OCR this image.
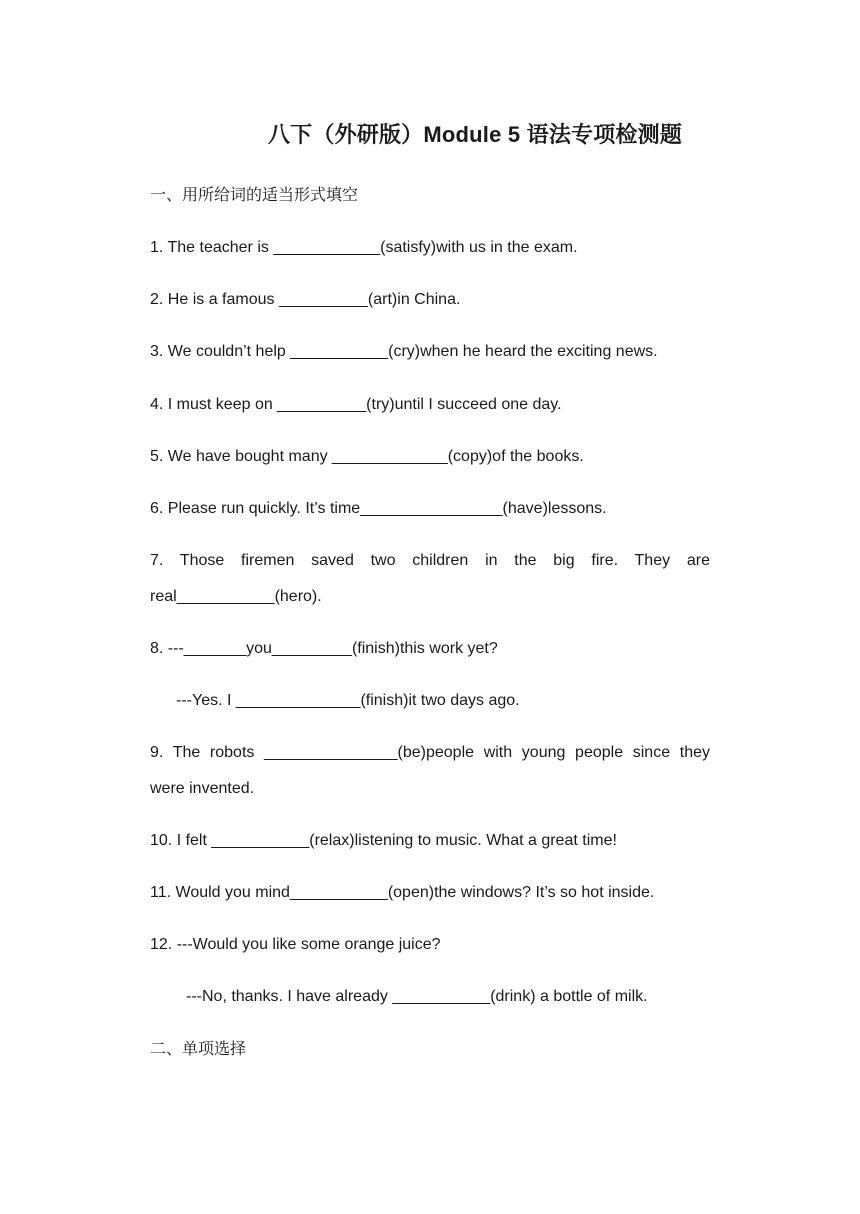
八下（外研版）Module 5 语法专项检测题
一、用所给词的适当形式填空
1. The teacher is ____________(satisfy)with us in the exam.
2. He is a famous __________(art)in China.
3. We couldn’t help ___________(cry)when he heard the exciting news.
4. I must keep on __________(try)until I succeed one day.
5. We have bought many _____________(copy)of the books.
6. Please run quickly. It’s time________________(have)lessons.
7. Those firemen saved two children in the big fire. They are
real___________(hero).
8. ---_______you_________(finish)this work yet?
---Yes. I ______________(finish)it two days ago.
9. The robots _______________(be)people with young people since they
were invented.
10. I felt ___________(relax)listening to music. What a great time!
11. Would you mind___________(open)the windows? It’s so hot inside.
12. ---Would you like some orange juice?
---No, thanks. I have already ___________(drink) a bottle of milk.
二、单项选择
